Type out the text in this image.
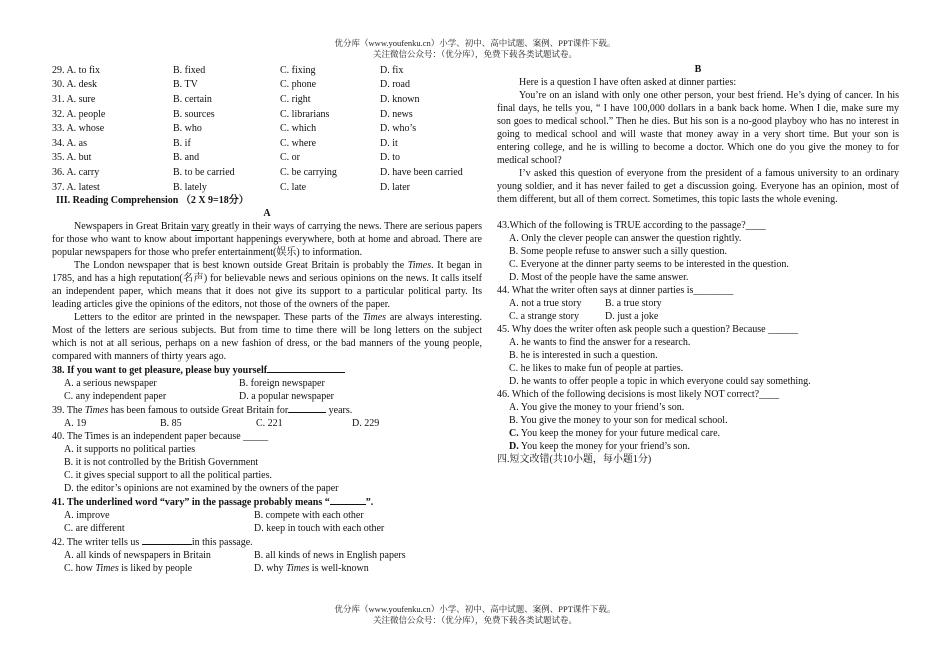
优分库（www.youfenku.cn）小学、初中、高中试题、案例、PPT课件下载。
关注微信公众号：（优分库），免费下载各类试题试卷。
29. A. to fix	B. fixed	C. fixing	D. fix
30. A. desk	B. TV	C. phone	D. road
31. A. sure	B. certain	C. right	D. known
32. A. people	B. sources	C. librarians	D. news
33. A. whose	B. who	C. which	D. who’s
34. A. as	B. if	C. where	D. it
35. A. but	B. and	C. or	D. to
36. A. carry	B. to be carried	C. be carrying	D. have been carried
37. A. latest	B. lately	C. late	D. later
III. Reading Comprehension （2 X 9=18分）
A

Newspapers in Great Britain vary greatly in their ways of carrying the news. There are serious papers for those who want to know about important happenings everywhere, both at home and abroad. There are popular newspapers for those who prefer entertainment(娱乐) to information.

The London newspaper that is best known outside Great Britain is probably the Times. It began in 1785, and has a high reputation(名声) for believable news and serious opinions on the news. It calls itself an independent paper, which means that it does not give its support to a particular political party. Its leading articles give the opinions of the editors, not those of the owners of the paper.

Letters to the editor are printed in the newspaper. These parts of the Times are always interesting. Most of the letters are serious subjects. But from time to time there will be long letters on the subject which is not at all serious, perhaps on a new fashion of dress, or the bad manners of the young people, compared with manners of thirty years ago.

38. If you want to get pleasure, please buy yourself

A. a serious newspaper	B. foreign newspaper
C. any independent paper	D. a popular newspaper

39. The Times has been famous to outside Great Britain for	years.

A. 19	B. 85	C. 221	D. 229

40. The Times is an independent paper because _____

A. it supports no political parties

B. it is not controlled by the British Government

C. it gives special support to all the political parties.

D. the editor’s opinions are not examined by the owners of the paper

41. The underlined word “vary” in the passage probably means “	”.

A. improve	B. compete with each other
C. are different	D. keep in touch with each other

42. The writer tells us	in this passage.

A. all kinds of newspapers in Britain	B. all kinds of news in English papers
C. how Times is liked by people	D. why Times is well-known
B

Here is a question I have often asked at dinner parties:

You’re on an island with only one other person, your best friend. He’s dying of cancer. In his final days, he tells you, “ I have 100,000 dollars in a bank back home. When I die, make sure my son goes to medical school.” Then he dies. But his son is a no-good playboy who has no interest in going to medical school and will waste that money away in a very short time. But your son is entering college, and he is willing to become a doctor. Which one do you give the money to for medical school?

I’v asked this question of everyone from the president of a famous university to an ordinary young soldier, and it has never failed to get a discussion going. Everyone has an opinion, most of them different, but all of them correct. Sometimes, this topic lasts the whole evening.

43.Which of the following is TRUE according to the passage?____

A. Only the clever people can answer the question rightly.

B. Some people refuse to answer such a silly question.

C. Everyone at the dinner party seems to be interested in the question.

D. Most of the people have the same answer.

44. What the writer often says at dinner parties is________

A. not a true story	B. a true story
C. a strange story	D. just a joke

45. Why does the writer often ask people such a question? Because ______

A. he wants to find the answer for a research.

B. he is interested in such a question.

C. he likes to make fun of people at parties.

D. he wants to offer people a topic in which everyone could say something.

46. Which of the following decisions is most likely NOT correct?____

A. You give the money to your friend’s son.

B. You give the money to your son for medical school.

C. You keep the money for your future medical care.

D. You keep the money for your friend’s son.

四.短文改错(共10小题，每小题1分)

优分库（www.youfenku.cn）小学、初中、高中试题、案例、PPT课件下载。
关注微信公众号：（优分库），免费下载各类试题试卷。
